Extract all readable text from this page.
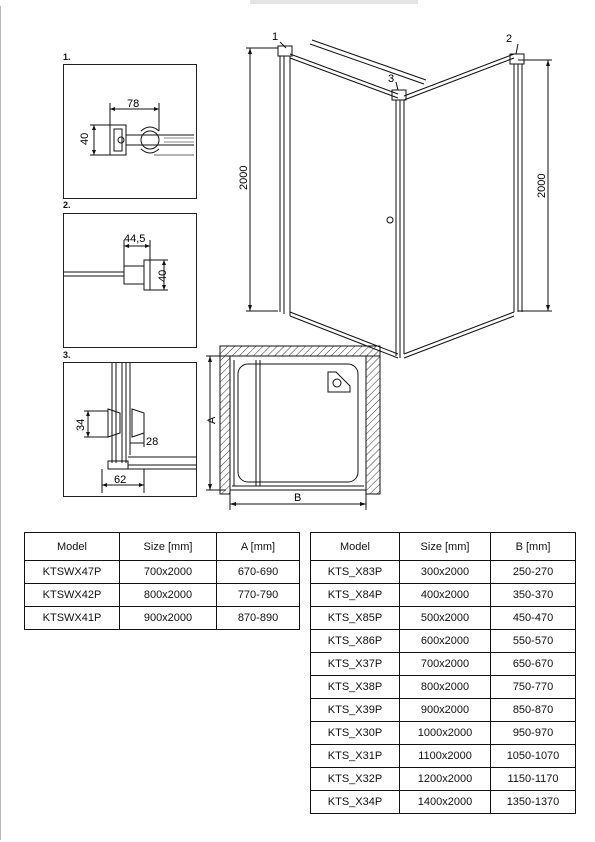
1.
78
40
2.
44,5
40
3.
34
28
62
1	2
3
2000	2000
A
B
Model	Size [mm]	A [mm]
KTSWX47P	700x2000	670-690
KTSWX42P	800x2000	770-790
KTSWX41P	900x2000	870-890
Model	Size [mm]	B [mm]
KTS_X83P	300x2000	250-270
KTS_X84P	400x2000	350-370
KTS_X85P	500x2000	450-470
KTS_X86P	600x2000	550-570
KTS_X37P	700x2000	650-670
KTS_X38P	800x2000	750-770
KTS_X39P	900x2000	850-870
KTS_X30P	1000x2000	950-970
KTS_X31P	1100x2000	1050-1070
KTS_X32P	1200x2000	1150-1170
KTS_X34P	1400x2000	1350-1370
